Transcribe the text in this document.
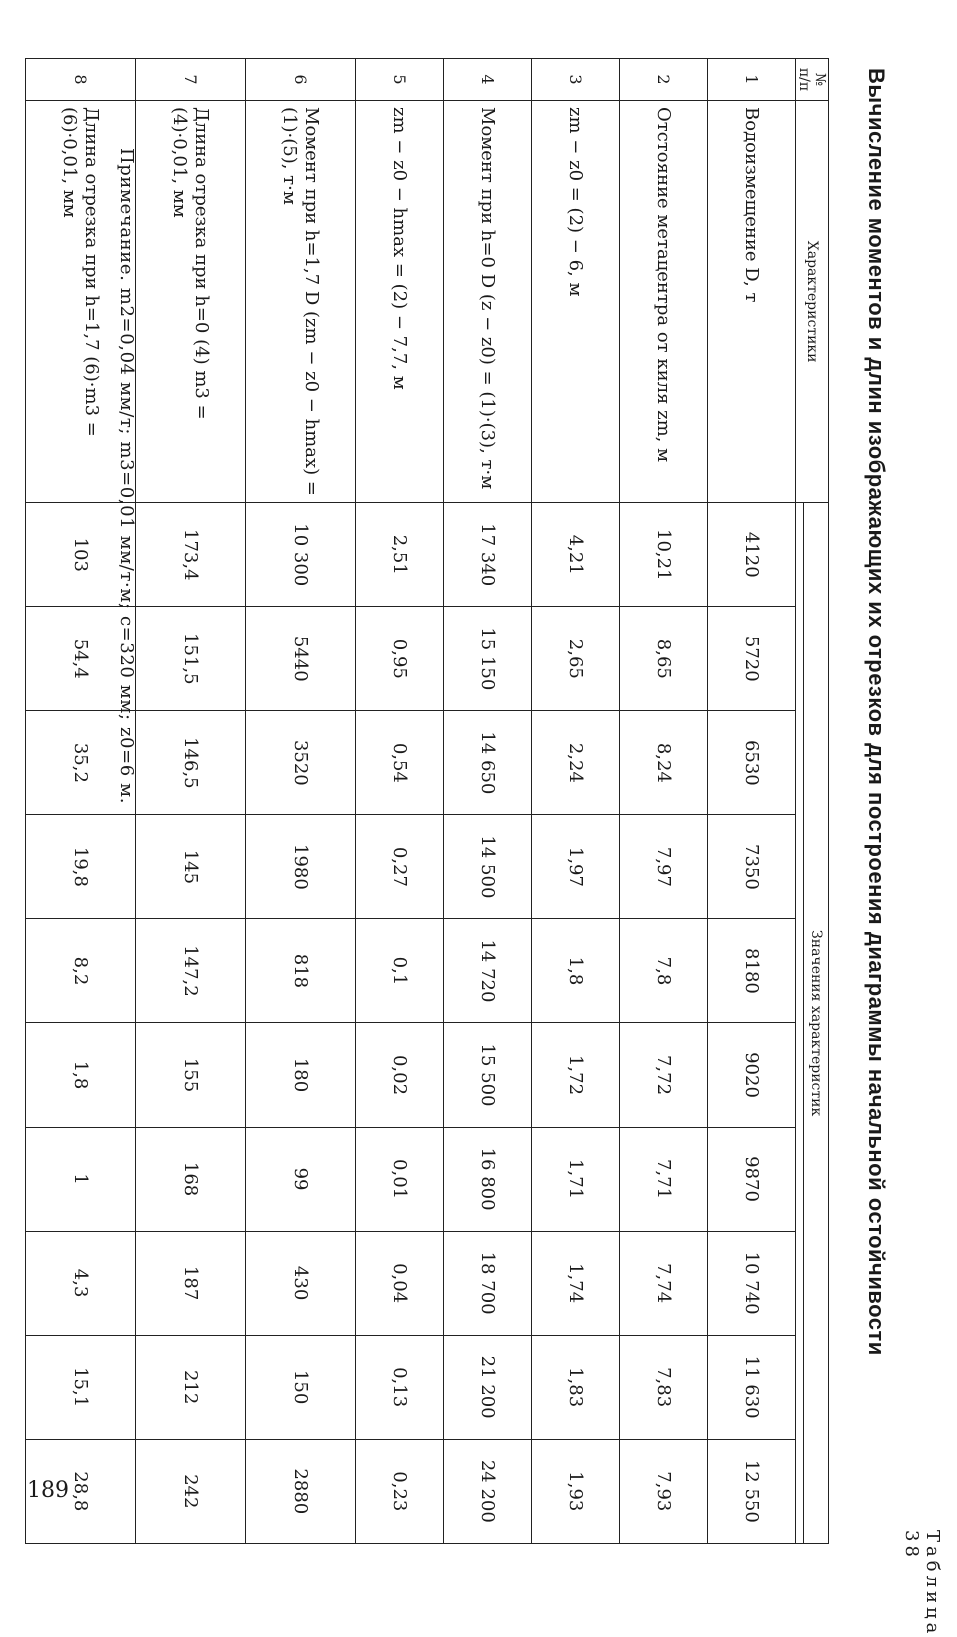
Таблица 38
Вычисление моментов и длин изображающих их отрезков для построения диаграммы начальной остойчивости
№ п/п	Характеристики	Значения характеристик									

1	Водоизмещение D, т	4120	5720	6530	7350	8180	9020	9870	10 740	11 630	12 550
2	Отстояние метацентра от киля zm, м	10,21	8,65	8,24	7,97	7,8	7,72	7,71	7,74	7,83	7,93
3	zm − z0 = (2) − 6, м	4,21	2,65	2,24	1,97	1,8	1,72	1,71	1,74	1,83	1,93
4	Момент при h=0 D (z − z0) = (1)·(3), т·м	17 340	15 150	14 650	14 500	14 720	15 500	16 800	18 700	21 200	24 200
5	zm − z0 − hmax = (2) − 7,7, м	2,51	0,95	0,54	0,27	0,1	0,02	0,01	0,04	0,13	0,23
6	Момент при h=1,7 D (zm − z0 − hmax) = (1)·(5), т·м	10 300	5440	3520	1980	818	180	99	430	150	2880
7	Длина отрезка при h=0 (4) m3 = (4)·0,01, мм	173,4	151,5	146,5	145	147,2	155	168	187	212	242
8	Длина отрезка при h=1,7 (6)·m3 = (6)·0,01, мм	103	54,4	35,2	19,8	8,2	1,8	1	4,3	15,1	28,8
Примечание. m2=0,04 мм/т; m3=0,01 мм/т·м; c=320 мм; z0=6 м.
189
